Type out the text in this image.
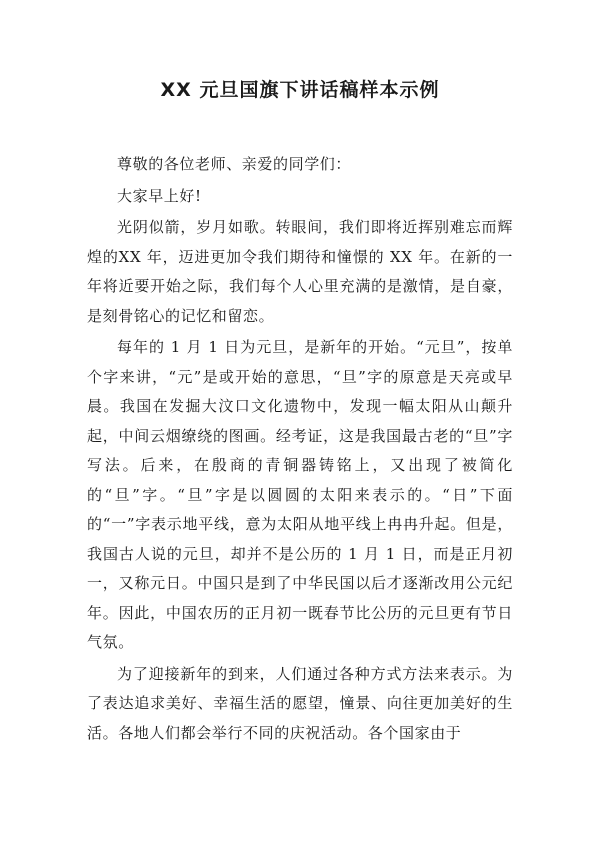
XX 元旦国旗下讲话稿样本示例

尊敬的各位老师、亲爱的同学们：

大家早上好!

光阴似箭，岁月如歌。转眼间，我们即将近挥别难忘而辉煌的XX 年，迈进更加令我们期待和憧憬的 XX 年。在新的一年将近要开始之际，我们每个人心里充满的是激情，是自豪，是刻骨铭心的记忆和留恋。

每年的 1 月 1 日为元旦，是新年的开始。“元旦”，按单个字来讲，“元”是或开始的意思，“旦”字的原意是天亮或早晨。我国在发掘大汶口文化遗物中，发现一幅太阳从山颠升起，中间云烟缭绕的图画。经考证，这是我国最古老的“旦”字写法。后来，在殷商的青铜器铸铭上，又出现了被简化的“旦”字。“旦”字是以圆圆的太阳来表示的。“日”下面的“一”字表示地平线，意为太阳从地平线上冉冉升起。但是，我国古人说的元旦，却并不是公历的 1 月 1 日，而是正月初一，又称元日。中国只是到了中华民国以后才逐渐改用公元纪年。因此，中国农历的正月初一既春节比公历的元旦更有节日气氛。

为了迎接新年的到来，人们通过各种方式方法来表示。为了表达追求美好、幸福生活的愿望，憧景、向往更加美好的生活。各地人们都会举行不同的庆祝活动。各个国家由于
